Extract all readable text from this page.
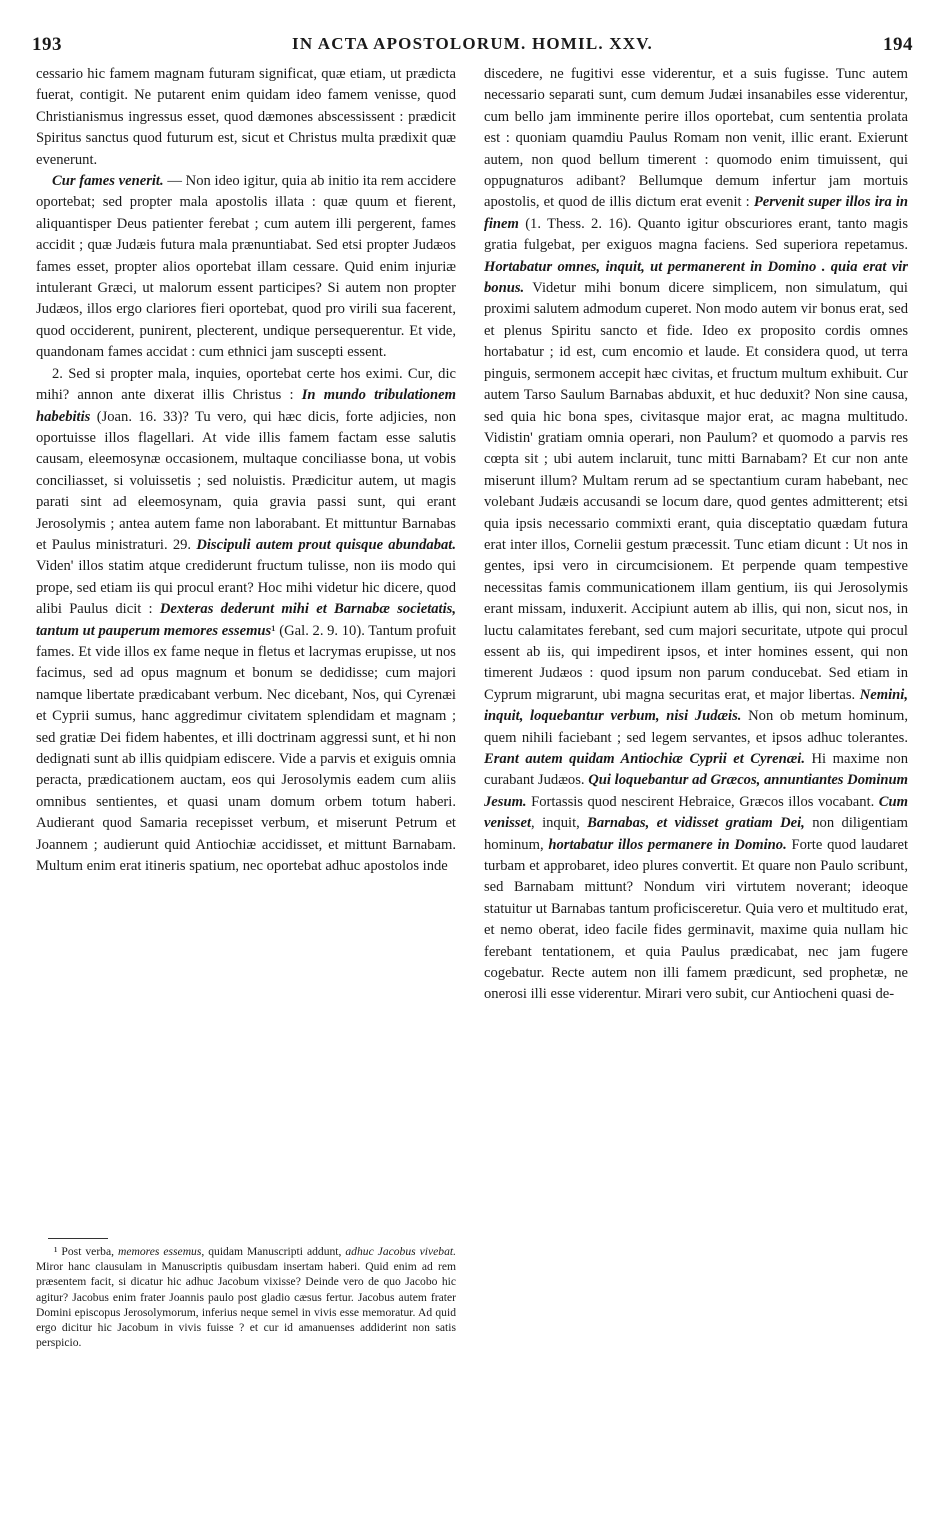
193	IN ACTA APOSTOLORUM. HOMIL. XXV.	194

cessario hic famem magnam futuram significat, quæ etiam, ut prædicta fuerat, contigit. Ne putarent enim quidam ideo famem venisse, quod Christianismus ingressus esset, quod dæmones abscessissent : prædicit Spiritus sanctus quod futurum est, sicut et Christus multa prædixit quæ evenerunt.

Cur fames venerit. — Non ideo igitur, quia ab initio ita rem accidere oportebat; sed propter mala apostolis illata : quæ quum et fierent, aliquantisper Deus patienter ferebat ; cum autem illi pergerent, fames accidit ; quæ Judæis futura mala prænuntiabat. Sed etsi propter Judæos fames esset, propter alios oportebat illam cessare. Quid enim injuriæ intulerant Græci, ut malorum essent participes? Si autem non propter Judæos, illos ergo clariores fieri oportebat, quod pro virili sua facerent, quod occiderent, punirent, plecterent, undique persequerentur. Et vide, quandonam fames accidat : cum ethnici jam suscepti essent.

2. Sed si propter mala, inquies, oportebat certe hos eximi. Cur, dic mihi? annon ante dixerat illis Christus : In mundo tribulationem habebitis (Joan. 16. 33)? Tu vero, qui hæc dicis, forte adjicies, non oportuisse illos flagellari. At vide illis famem factam esse salutis causam, eleemosynæ occasionem, multaque conciliasse bona, ut vobis conciliasset, si voluissetis ; sed noluistis. Prædicitur autem, ut magis parati sint ad eleemosynam, quia gravia passi sunt, qui erant Jerosolymis ; antea autem fame non laborabant. Et mittuntur Barnabas et Paulus ministraturi. 29. Discipuli autem prout quisque abundabat. Viden' illos statim atque crediderunt fructum tulisse, non iis modo qui prope, sed etiam iis qui procul erant? Hoc mihi videtur hic dicere, quod alibi Paulus dicit : Dexteras dederunt mihi et Barnabæ societatis, tantum ut pauperum memores essemus¹ (Gal. 2. 9. 10). Tantum profuit fames. Et vide illos ex fame neque in fletus et lacrymas erupisse, ut nos facimus, sed ad opus magnum et bonum se dedidisse; cum majori namque libertate prædicabant verbum. Nec dicebant, Nos, qui Cyrenæi et Cyprii sumus, hanc aggredimur civitatem splendidam et magnam ; sed gratiæ Dei fidem habentes, et illi doctrinam aggressi sunt, et hi non dedignati sunt ab illis quidpiam ediscere. Vide a parvis et exiguis omnia peracta, prædicationem auctam, eos qui Jerosolymis eadem cum aliis omnibus sentientes, et quasi unam domum orbem totum haberi. Audierant quod Samaria recepisset verbum, et miserunt Petrum et Joannem ; audierunt quid Antiochiæ accidisset, et mittunt Barnabam. Multum enim erat itineris spatium, nec oportebat adhuc apostolos inde

¹ Post verba, memores essemus, quidam Manuscripti addunt, adhuc Jacobus vivebat. Miror hanc clausulam in Manuscriptis quibusdam insertam haberi. Quid enim ad rem præsentem facit, si dicatur hic adhuc Jacobum vixisse? Deinde vero de quo Jacobo hic agitur? Jacobus enim frater Joannis paulo post gladio cæsus fertur. Jacobus autem frater Domini episcopus Jerosolymorum, inferius neque semel in vivis esse memoratur. Ad quid ergo dicitur hic Jacobum in vivis fuisse ? et cur id amanuenses addiderint non satis perspicio.

discedere, ne fugitivi esse viderentur, et a suis fugisse. Tunc autem necessario separati sunt, cum demum Judæi insanabiles esse viderentur, cum bello jam imminente perire illos oportebat, cum sententia prolata est : quoniam quamdiu Paulus Romam non venit, illic erant. Exierunt autem, non quod bellum timerent : quomodo enim timuissent, qui oppugnaturos adibant? Bellumque demum infertur jam mortuis apostolis, et quod de illis dictum erat evenit : Pervenit super illos ira in finem (1. Thess. 2. 16). Quanto igitur obscuriores erant, tanto magis gratia fulgebat, per exiguos magna faciens. Sed superiora repetamus. Hortabatur omnes, inquit, ut permanerent in Domino . quia erat vir bonus. Videtur mihi bonum dicere simplicem, non simulatum, qui proximi salutem admodum cuperet. Non modo autem vir bonus erat, sed et plenus Spiritu sancto et fide. Ideo ex proposito cordis omnes hortabatur ; id est, cum encomio et laude. Et considera quod, ut terra pinguis, sermonem accepit hæc civitas, et fructum multum exhibuit. Cur autem Tarso Saulum Barnabas abduxit, et huc deduxit? Non sine causa, sed quia hic bona spes, civitasque major erat, ac magna multitudo. Vidistin' gratiam omnia operari, non Paulum? et quomodo a parvis res cœpta sit ; ubi autem inclaruit, tunc mitti Barnabam? Et cur non ante miserunt illum? Multam rerum ad se spectantium curam habebant, nec volebant Judæis accusandi se locum dare, quod gentes admitterent; etsi quia ipsis necessario commixti erant, quia disceptatio quædam futura erat inter illos, Cornelii gestum præcessit. Tunc etiam dicunt : Ut nos in gentes, ipsi vero in circumcisionem. Et perpende quam tempestive necessitas famis communicationem illam gentium, iis qui Jerosolymis erant missam, induxerit. Accipiunt autem ab illis, qui non, sicut nos, in luctu calamitates ferebant, sed cum majori securitate, utpote qui procul essent ab iis, qui impedirent ipsos, et inter homines essent, qui non timerent Judæos : quod ipsum non parum conducebat. Sed etiam in Cyprum migrarunt, ubi magna securitas erat, et major libertas. Nemini, inquit, loquebantur verbum, nisi Judæis. Non ob metum hominum, quem nihili faciebant ; sed legem servantes, et ipsos adhuc tolerantes. Erant autem quidam Antiochiæ Cyprii et Cyrenæi. Hi maxime non curabant Judæos. Qui loquebantur ad Græcos, annuntiantes Dominum Jesum. Fortassis quod nescirent Hebraice, Græcos illos vocabant. Cum venisset, inquit, Barnabas, et vidisset gratiam Dei, non diligentiam hominum, hortabatur illos permanere in Domino. Forte quod laudaret turbam et approbaret, ideo plures convertit. Et quare non Paulo scribunt, sed Barnabam mittunt? Nondum viri virtutem noverant; ideoque statuitur ut Barnabas tantum proficisceretur. Quia vero et multitudo erat, et nemo oberat, ideo facile fides germinavit, maxime quia nullam hic ferebant tentationem, et quia Paulus prædicabat, nec jam fugere cogebatur. Recte autem non illi famem prædicunt, sed prophetæ, ne onerosi illi esse viderentur. Mirari vero subit, cur Antiocheni quasi de-
